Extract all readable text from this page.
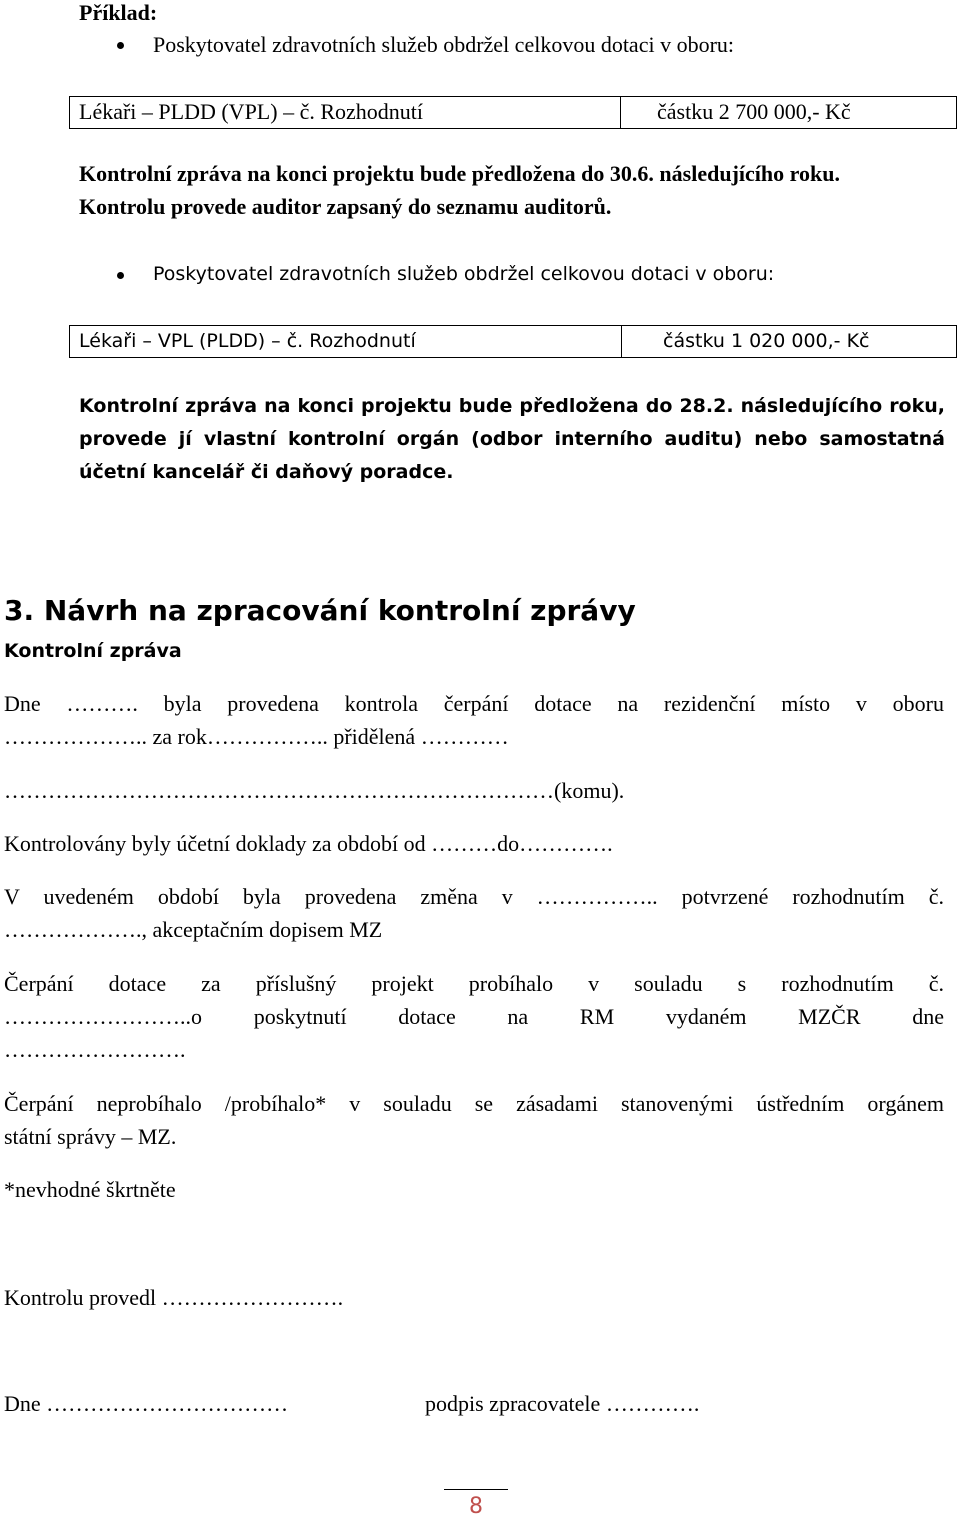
Příklad:
Poskytovatel zdravotních služeb obdržel celkovou dotaci v oboru:
Lékaři – PLDD (VPL) – č. Rozhodnutí	částku 2 700 000,- Kč
Kontrolní zpráva na konci projektu bude předložena do 30.6. následujícího roku.
Kontrolu provede auditor zapsaný do seznamu auditorů.
Poskytovatel zdravotních služeb obdržel celkovou dotaci v oboru:
Lékaři – VPL (PLDD) – č. Rozhodnutí	částku 1 020 000,- Kč
Kontrolní zpráva na konci projektu bude předložena do 28.2. následujícího roku,
provede jí vlastní kontrolní orgán (odbor interního auditu) nebo samostatná
účetní kancelář či daňový poradce.
3. Návrh na zpracování kontrolní zprávy
Kontrolní zpráva
Dne ………. byla provedena kontrola čerpání dotace na rezidenční místo v oboru
……………….. za rok…………….. přidělená …………
…………………………………………………………………(komu).
Kontrolovány byly účetní doklady za období od ………do………….
V uvedeném období byla provedena změna v …………….. potvrzené rozhodnutím č.
………………., akceptačním dopisem MZ
Čerpání dotace za příslušný projekt probíhalo v souladu s rozhodnutím č.
……………………..o poskytnutí dotace na RM vydaném MZČR dne
…………………….
Čerpání neprobíhalo /probíhalo* v souladu se zásadami stanovenými ústředním orgánem
státní správy – MZ.
*nevhodné škrtněte
Kontrolu provedl …………………….
Dne ……………………………	podpis zpracovatele ………….
8
